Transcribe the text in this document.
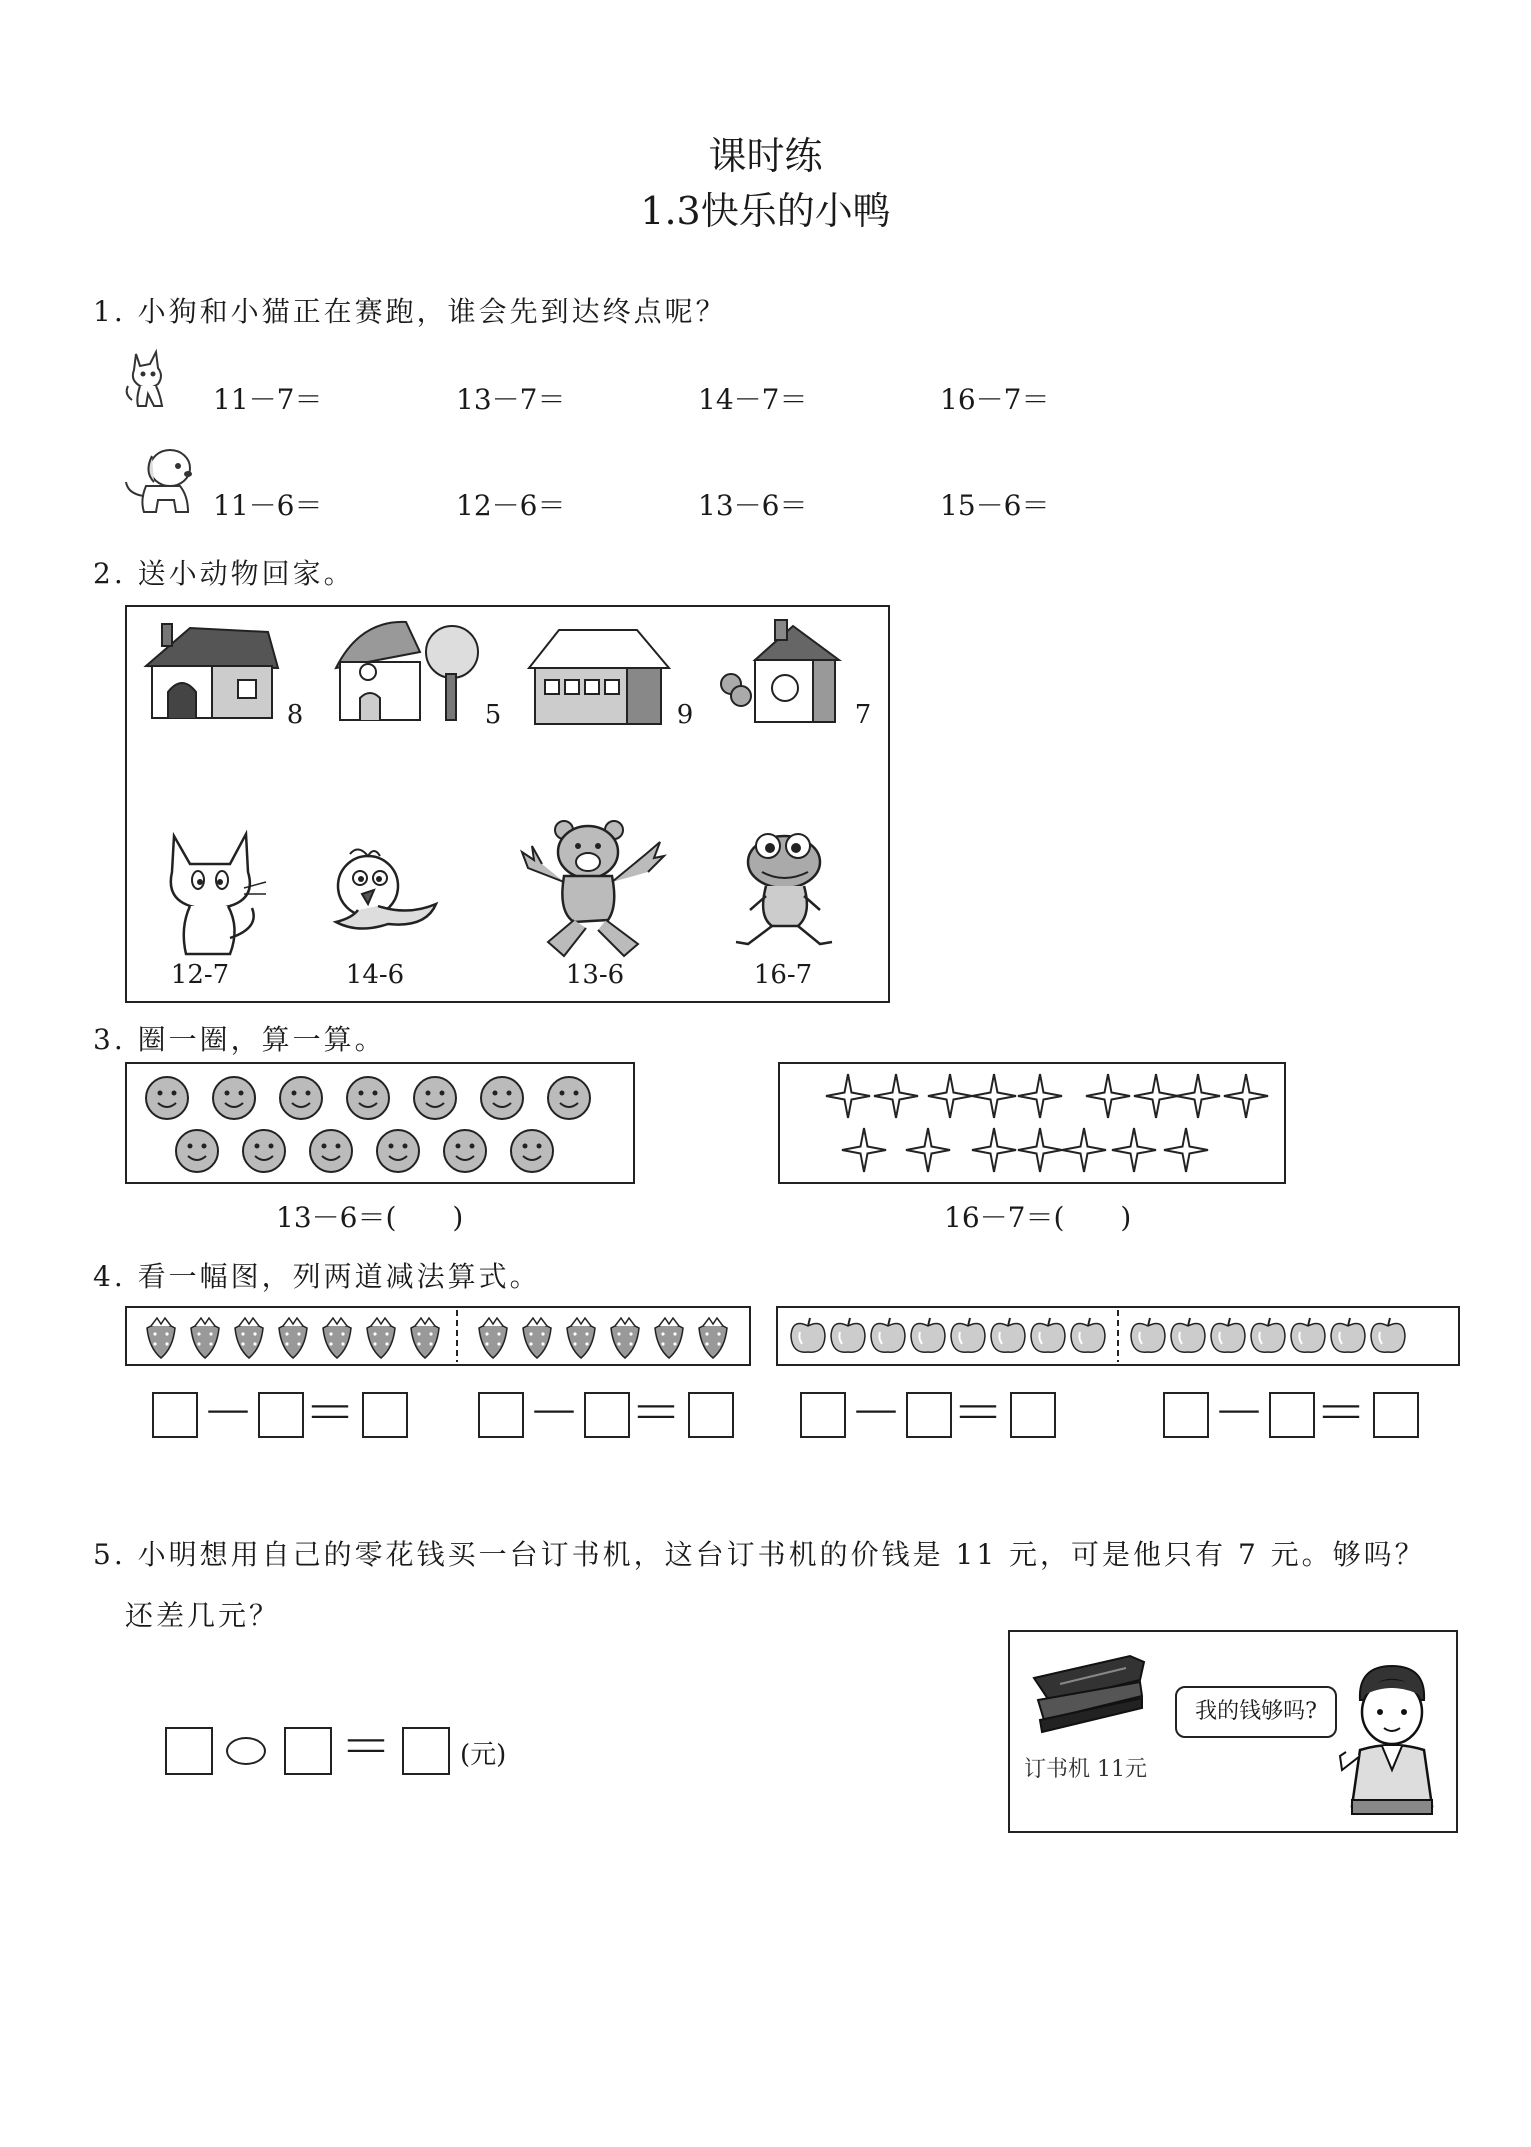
课时练
1.3快乐的小鸭
1. 小狗和小猫正在赛跑，谁会先到达终点呢？
11－7＝	13－7＝	14－7＝	16－7＝
11－6＝	12－6＝	13－6＝	15－6＝
2. 送小动物回家。
8	5	9	7
12-7	14-6	13-6	16-7
3. 圈一圈，算一算。
13－6＝(　　)	16－7＝(　　)
4. 看一幅图，列两道减法算式。
－ ＝	－ ＝	－ ＝	－ ＝
5. 小明想用自己的零花钱买一台订书机，这台订书机的价钱是 11 元，可是他只有 7 元。够吗？
还差几元？
＝	(元)	订书机 11元
我的钱够吗?
